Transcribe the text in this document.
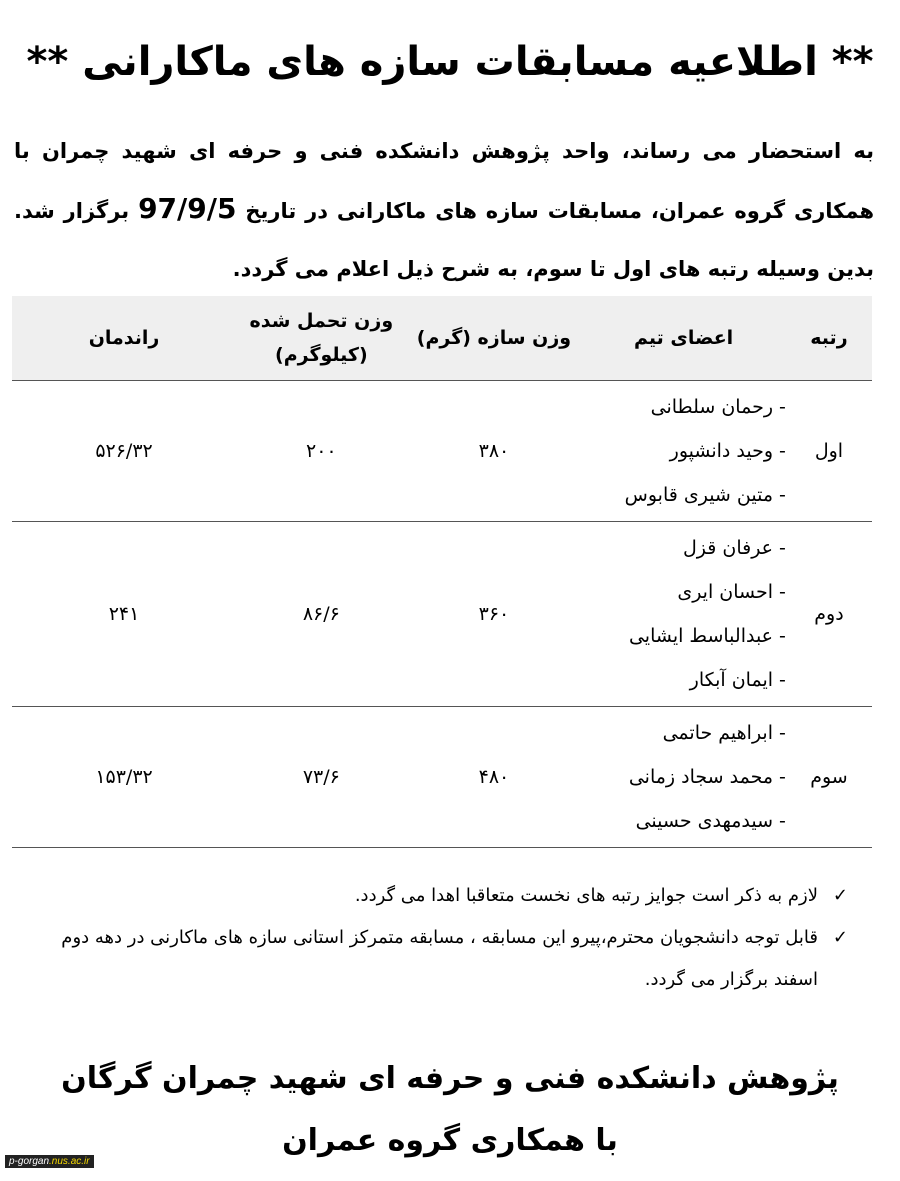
** اطلاعیه مسابقات سازه های ماکارانی **

به استحضار می رساند، واحد پژوهش دانشکده فنی و حرفه ای شهید چمران با همکاری گروه عمران، مسابقات سازه های ماکارانی در تاریخ 97/9/5 برگزار شد. بدین وسیله رتبه های اول تا سوم، به شرح ذیل اعلام می گردد.

رتبه	اعضای تیم	وزن سازه (گرم)	وزن تحمل شده (کیلوگرم)	راندمان
اول	- رحمان سلطانی
- وحید دانشپور
- متین شیری قابوس	۳۸۰	۲۰۰	۵۲۶/۳۲
دوم	- عرفان قزل
- احسان ایری
- عبدالباسط ایشایی
- ایمان آبکار	۳۶۰	۸۶/۶	۲۴۱
سوم	- ابراهیم حاتمی
- محمد سجاد زمانی
- سیدمهدی حسینی	۴۸۰	۷۳/۶	۱۵۳/۳۲
✓
لازم به ذکر است جوایز رتبه های نخست متعاقبا اهدا می گردد.
✓
قابل توجه دانشجویان محترم،پیرو این مسابقه ، مسابقه متمرکز استانی سازه های ماکارنی در دهه دوم اسفند برگزار می گردد.
پژوهش دانشکده فنی و حرفه ای شهید چمران گرگان
با همکاری گروه عمران
p-gorgan.nus.ac.ir
